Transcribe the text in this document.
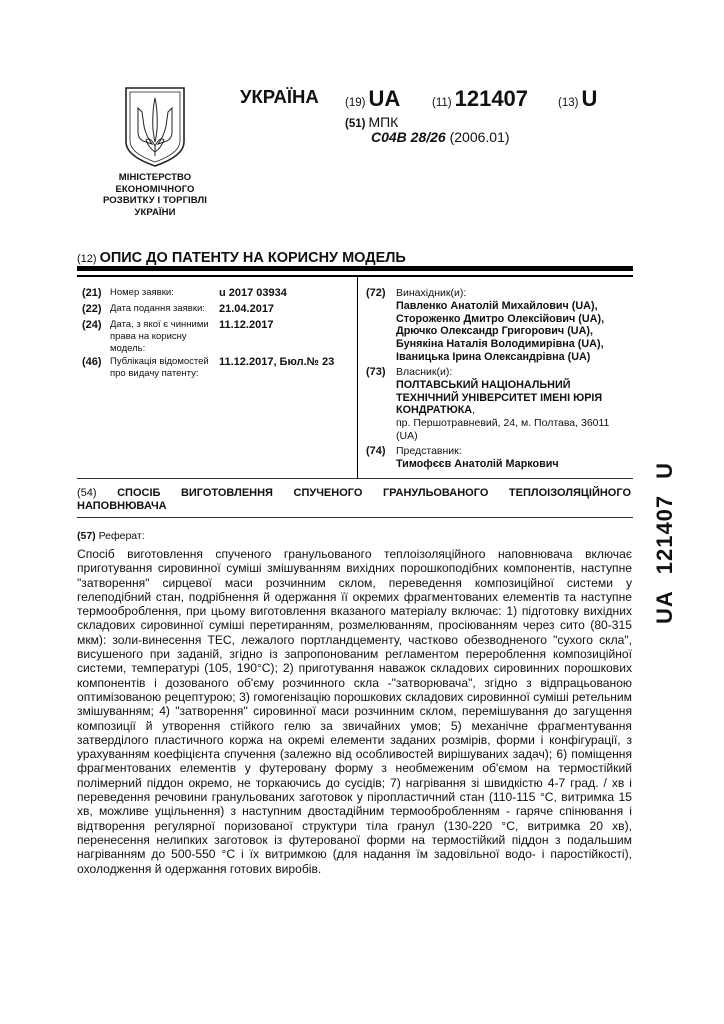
МІНІСТЕРСТВО
ЕКОНОМІЧНОГО
РОЗВИТКУ І ТОРГІВЛІ
УКРАЇНИ
УКРАЇНА (19) UA	(11) 121407	(13) U
(51) МПК
C04B 28/26 (2006.01)
(12) ОПИС ДО ПАТЕНТУ НА КОРИСНУ МОДЕЛЬ
(21) Номер заявки:	u 2017 03934
(22) Дата подання заявки:	21.04.2017
(24) Дата, з якої є чинними права на корисну модель:
11.12.2017
(46) Публікація відомостей про видачу патенту:
11.12.2017, Бюл.№ 23
(72) Винахідник(и):
Павленко Анатолій Михайлович (UA),
Стороженко Дмитро Олексійович (UA),
Дрючко Олександр Григорович (UA),
Бунякіна Наталія Володимирівна (UA),
Іваницька Ірина Олександрівна (UA)
(73) Власник(и):
ПОЛТАВСЬКИЙ НАЦІОНАЛЬНИЙ
ТЕХНІЧНИЙ УНІВЕРСИТЕТ ІМЕНІ ЮРІЯ
КОНДРАТЮКА,
пр. Першотравневий, 24, м. Полтава, 36011
(UA)
(74) Представник:
Тимофєєв Анатолій Маркович
(54) СПОСІБ ВИГОТОВЛЕННЯ СПУЧЕНОГО ГРАНУЛЬОВАНОГО ТЕПЛОІЗОЛЯЦІЙНОГО
НАПОВНЮВАЧА
(57) Реферат:
Спосіб виготовлення спученого гранульованого теплоізоляційного наповнювача включає приготування сировинної суміші змішуванням вихідних порошкоподібних компонентів, наступне "затворення" сирцевої маси розчинним склом, переведення композиційної системи у гелеподібний стан, подрібнення й одержання її окремих фрагментованих елементів та наступне термооброблення, при цьому виготовлення вказаного матеріалу включає: 1) підготовку вихідних складових сировинної суміші перетиранням, розмелюванням, просіюванням через сито (80-315 мкм): золи-винесення ТЕС, лежалого портландцементу, частково обезводненого "сухого скла", висушеного при заданій, згідно із запропонованим регламентом перероблення композиційної системи, температурі (105, 190°С); 2) приготування наважок складових сировинних порошкових компонентів і дозованого об'єму розчинного скла -"затворювача", згідно з відпрацьованою оптимізованою рецептурою; 3) гомогенізацію порошкових складових сировинної суміші ретельним змішуванням; 4) "затворення" сировинної маси розчинним склом, перемішування до загущення композиції й утворення стійкого гелю за звичайних умов; 5) механічне фрагментування затверділого пластичного коржа на окремі елементи заданих розмірів, форми і конфігурації, з урахуванням коефіцієнта спучення (залежно від особливостей вирішуваних задач); 6) поміщення фрагментованих елементів у футеровану форму з необмеженим об'ємом на термостійкий полімерний піддон окремо, не торкаючись до сусідів; 7) нагрівання зі швидкістю 4-7 град. / хв і переведення речовини гранульованих заготовок у піропластичний стан (110-115 °С, витримка 15 хв, можливе ущільнення) з наступним двостадійним термообробленням - гаряче спінювання і відтворення регулярної поризованої структури тіла гранул (130-220 °С, витримка 20 хв), перенесення нелипких заготовок із футерованої форми на термостійкий піддон з подальшим нагріванням до 500-550 °С і їх витримкою (для надання їм задовільної водо- і паростійкості), охолодження й одержання готових виробів.
UA121407U
